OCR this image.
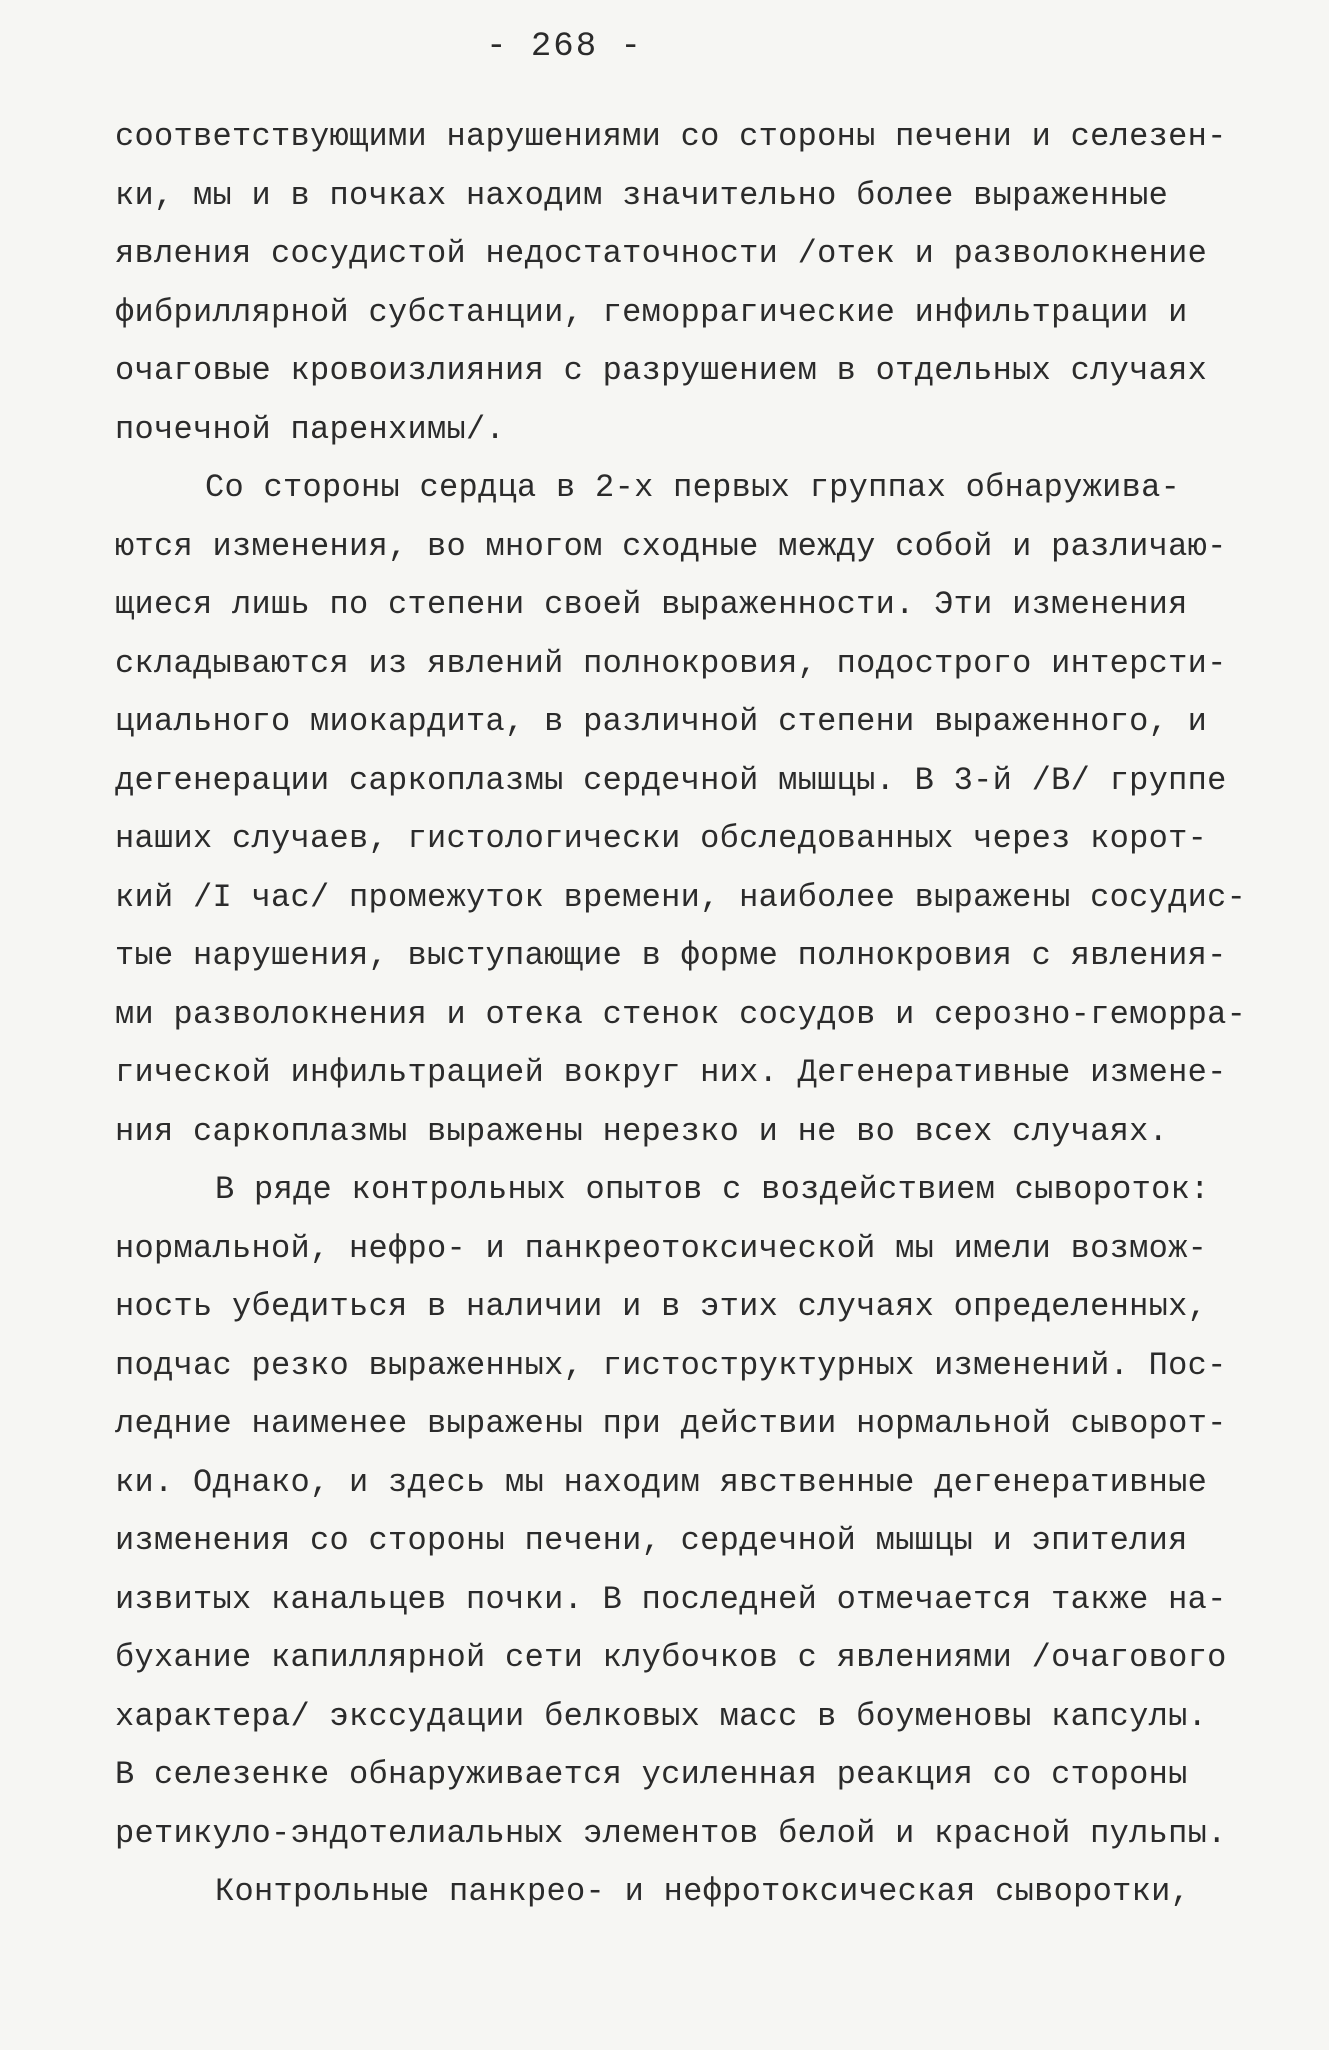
- 268 -
соответствующими нарушениями со стороны печени и селезен-
ки, мы и в почках находим значительно более выраженные
явления сосудистой недостаточности /отек и разволокнение
фибриллярной субстанции, геморрагические инфильтрации и
очаговые кровоизлияния с разрушением в отдельных случаях
почечной паренхимы/.
Со стороны сердца в 2-х первых группах обнаружива-
ются изменения, во многом сходные между собой и различаю-
щиеся лишь по степени своей выраженности. Эти изменения
складываются из явлений полнокровия, подострого интерсти-
циального миокардита, в различной степени выраженного, и
дегенерации саркоплазмы сердечной мышцы. В 3-й /В/ группе
наших случаев, гистологически обследованных через корот-
кий /I час/ промежуток времени, наиболее выражены сосудис-
тые нарушения, выступающие в форме полнокровия с явления-
ми разволокнения и отека стенок сосудов и серозно-геморра-
гической инфильтрацией вокруг них. Дегенеративные измене-
ния саркоплазмы выражены нерезко и не во всех случаях.
В ряде контрольных опытов с воздействием сывороток:
нормальной, нефро- и панкреотоксической мы имели возмож-
ность убедиться в наличии и в этих случаях определенных,
подчас резко выраженных, гистоструктурных изменений. Пос-
ледние наименее выражены при действии нормальной сыворот-
ки. Однако, и здесь мы находим явственные дегенеративные
изменения со стороны печени, сердечной мышцы и эпителия
извитых канальцев почки. В последней отмечается также на-
бухание капиллярной сети клубочков с явлениями /очагового
характера/ экссудации белковых масс в боуменовы капсулы.
В селезенке обнаруживается усиленная реакция со стороны
ретикуло-эндотелиальных элементов белой и красной пульпы.
Контрольные панкрео- и нефротоксическая сыворотки,
